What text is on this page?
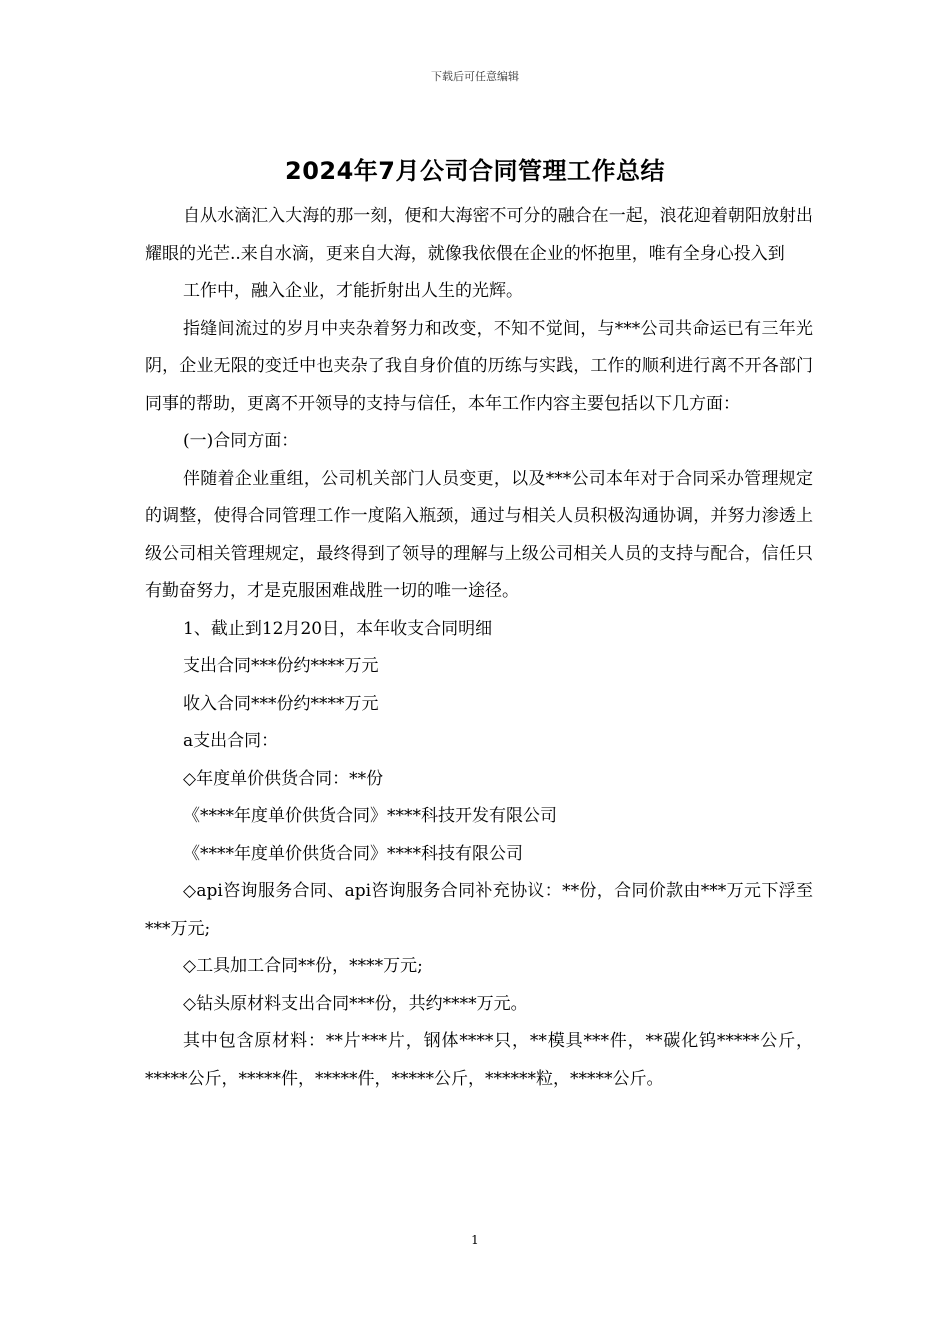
下载后可任意编辑
2024年7月公司合同管理工作总结

自从水滴汇入大海的那一刻，便和大海密不可分的融合在一起，浪花迎着朝阳放射出耀眼的光芒..来自水滴，更来自大海，就像我依偎在企业的怀抱里，唯有全身心投入到

工作中，融入企业，才能折射出人生的光辉。

指缝间流过的岁月中夹杂着努力和改变，不知不觉间，与***公司共命运已有三年光阴，企业无限的变迁中也夹杂了我自身价值的历练与实践，工作的顺利进行离不开各部门同事的帮助，更离不开领导的支持与信任，本年工作内容主要包括以下几方面：

(一)合同方面：

伴随着企业重组，公司机关部门人员变更，以及***公司本年对于合同采办管理规定的调整，使得合同管理工作一度陷入瓶颈，通过与相关人员积极沟通协调，并努力渗透上级公司相关管理规定，最终得到了领导的理解与上级公司相关人员的支持与配合，信任只有勤奋努力，才是克服困难战胜一切的唯一途径。

1、截止到12月20日，本年收支合同明细

支出合同***份约****万元

收入合同***份约****万元

a支出合同：

◇年度单价供货合同：**份

《****年度单价供货合同》****科技开发有限公司

《****年度单价供货合同》****科技有限公司

◇api咨询服务合同、api咨询服务合同补充协议：**份，合同价款由***万元下浮至***万元;

◇工具加工合同**份，****万元;

◇钻头原材料支出合同***份，共约****万元。

其中包含原材料：**片***片，钢体****只，**模具***件，**碳化钨*****公斤，*****公斤，*****件，*****件，*****公斤，******粒，*****公斤。

1
